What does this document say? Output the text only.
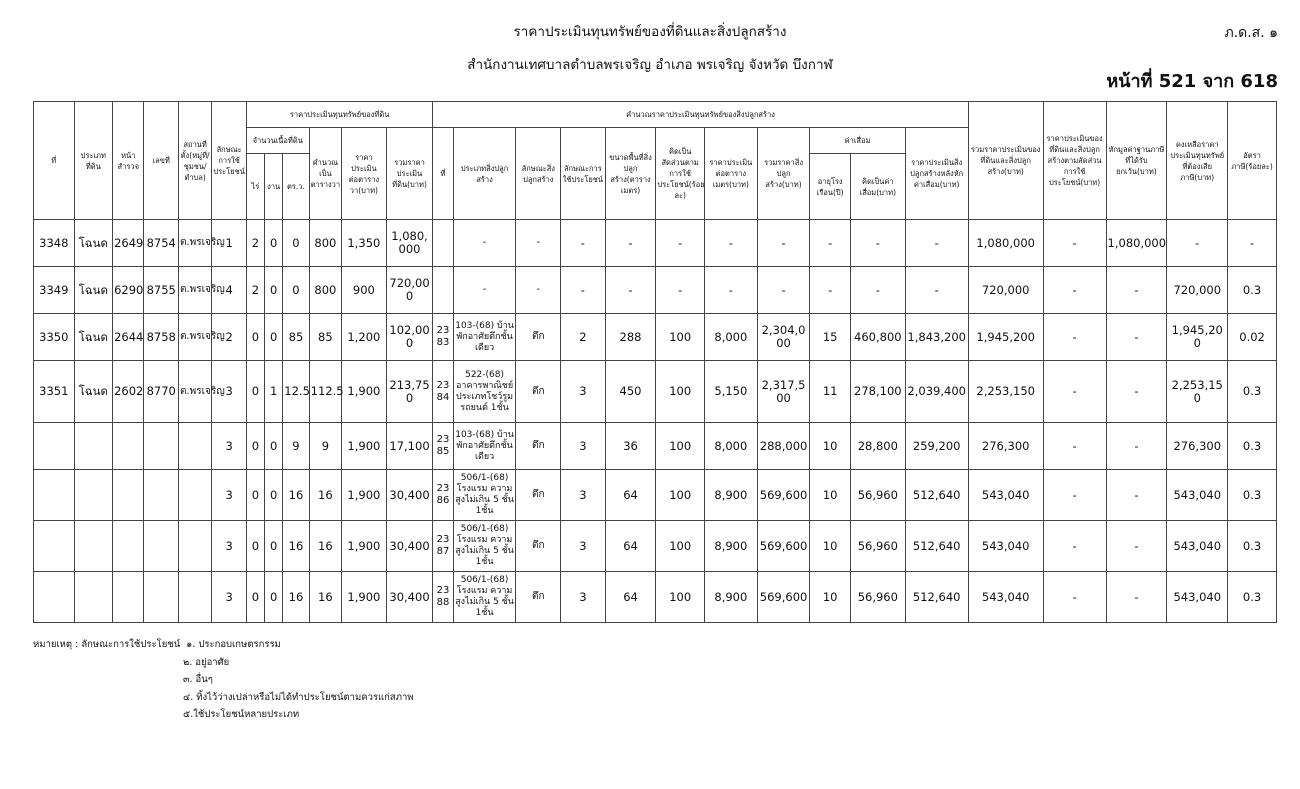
ราคาประเมินทุนทรัพย์ของที่ดินและสิ่งปลูกสร้าง
สำนักงานเทศบาลตำบลพรเจริญ อำเภอ พรเจริญ จังหวัด บึงกาฬ
ภ.ด.ส. ๑
หน้าที่ 521 จาก 618
ที่	ประเภทที่ดิน	หน้าสำรวจ	เลขที่	สถานที่ตั้ง(หมู่ที่/ชุมชน/ตำบล)	ลักษณะการใช้ประโยชน์	ราคาประเมินทุนทรัพย์ของที่ดิน						คำนวณราคาประเมินทุนทรัพย์ของสิ่งปลูกสร้าง											รวมราคาประเมินของที่ดินและสิ่งปลูกสร้าง(บาท)	ราคาประเมินของที่ดินและสิ่งปลูกสร้างตามสัดส่วนการใช้ประโยชน์(บาท)	หักมูลค่าฐานภาษีที่ได้รับยกเว้น(บาท)	คงเหลือราคาประเมินทุนทรัพย์ที่ต้องเสียภาษี(บาท)	อัตราภาษี(ร้อยละ)
						จำนวนเนื้อที่ดิน			คำนวณเป็นตารางวา	ราคาประเมินต่อตารางวา(บาท)	รวมราคาประเมินที่ดิน(บาท)	ที่	ประเภทสิ่งปลูกสร้าง	ลักษณะสิ่งปลูกสร้าง	ลักษณะการใช้ประโยชน์	ขนาดพื้นที่สิ่งปลูกสร้าง(ตารางเมตร)	คิดเป็นสัดส่วนตามการใช้ประโยชน์(ร้อยละ)	ราคาประเมินต่อตารางเมตร(บาท)	รวมราคาสิ่งปลูกสร้าง(บาท)	ค่าเสื่อม		ราคาประเมินสิ่งปลูกสร้างหลังหักค่าเสื่อม(บาท)					
						ไร่	งาน	ตร.ว.												อายุโรงเรือน(ปี)	คิดเป็นค่าเสื่อม(บาท)						
3348	โฉนด	2649	8754	ต.พรเจริญ	1	2	0	0	800	1,350	1,080,000		-	-	-	-	-	-	-	-	-	-	1,080,000	-	1,080,000	-	-
3349	โฉนด	6290	8755	ต.พรเจริญ	4	2	0	0	800	900	720,000		-	-	-	-	-	-	-	-	-	-	720,000	-	-	720,000	0.3
3350	โฉนด	2644	8758	ต.พรเจริญ	2	0	0	85	85	1,200	102,000	2383	103-(68) บ้านพักอาศัยตึกชั้นเดียว	ตึก	2	288	100	8,000	2,304,000	15	460,800	1,843,200	1,945,200	-	-	1,945,200	0.02
3351	โฉนด	2602	8770	ต.พรเจริญ	3	0	1	12.5	112.5	1,900	213,750	2384	522-(68) อาคารพาณิชย์ประเภทโชว์รูมรถยนต์ 1ชั้น	ตึก	3	450	100	5,150	2,317,500	11	278,100	2,039,400	2,253,150	-	-	2,253,150	0.3
					3	0	0	9	9	1,900	17,100	2385	103-(68) บ้านพักอาศัยตึกชั้นเดียว	ตึก	3	36	100	8,000	288,000	10	28,800	259,200	276,300	-	-	276,300	0.3
					3	0	0	16	16	1,900	30,400	2386	506/1-(68) โรงแรม ความสูงไม่เกิน 5 ชั้น 1ชั้น	ตึก	3	64	100	8,900	569,600	10	56,960	512,640	543,040	-	-	543,040	0.3
					3	0	0	16	16	1,900	30,400	2387	506/1-(68) โรงแรม ความสูงไม่เกิน 5 ชั้น 1ชั้น	ตึก	3	64	100	8,900	569,600	10	56,960	512,640	543,040	-	-	543,040	0.3
					3	0	0	16	16	1,900	30,400	2388	506/1-(68) โรงแรม ความสูงไม่เกิน 5 ชั้น 1ชั้น	ตึก	3	64	100	8,900	569,600	10	56,960	512,640	543,040	-	-	543,040	0.3
หมายเหตุ : ลักษณะการใช้ประโยชน์ ๑. ประกอบเกษตรกรรม
๒. อยู่อาศัย
๓. อื่นๆ
๔. ทิ้งไว้ว่างเปล่าหรือไม่ได้ทำประโยชน์ตามควรแก่สภาพ
๕.ใช้ประโยชน์หลายประเภท
